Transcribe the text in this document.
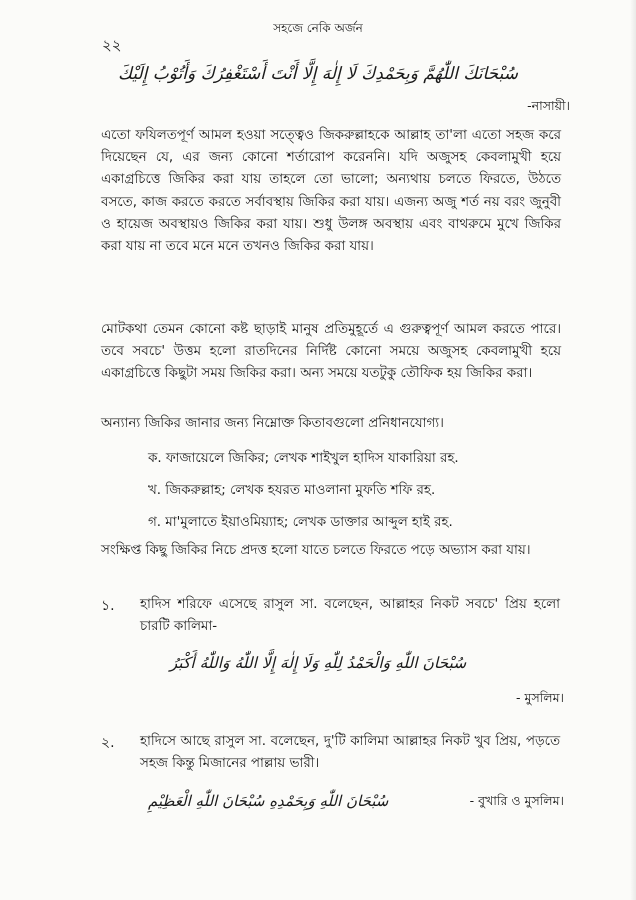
সহজে নেকি অর্জন
২২
سُبْحَانَكَ اللّٰهُمَّ وَبِحَمْدِكَ لَا إِلٰهَ إِلَّا أَنْتَ أَسْتَغْفِرُكَ وَأَتُوْبُ إِلَيْكَ
-নাসায়ী।
এতো ফযিলতপূর্ণ আমল হওয়া সত্ত্বেও জিকরুল্লাহকে আল্লাহ তা'লা এতো সহজ করে দিয়েছেন যে, এর জন্য কোনো শর্তারোপ করেননি। যদি অজুসহ কেবলামুখী হয়ে একাগ্রচিত্তে জিকির করা যায় তাহলে তো ভালো; অন্যথায় চলতে ফিরতে, উঠতে বসতে, কাজ করতে করতে সর্বাবস্থায় জিকির করা যায়। এজন্য অজু শর্ত নয় বরং জুনুবী ও হায়েজ অবস্থায়ও জিকির করা যায়। শুধু উলঙ্গ অবস্থায় এবং বাথরুমে মুখে জিকির করা যায় না তবে মনে মনে তখনও জিকির করা যায়।
মোটকথা তেমন কোনো কষ্ট ছাড়াই মানুষ প্রতিমুহূর্তে এ গুরুত্বপূর্ণ আমল করতে পারে। তবে সবচে' উত্তম হলো রাতদিনের নির্দিষ্ট কোনো সময়ে অজুসহ কেবলামুখী হয়ে একাগ্রচিত্তে কিছুটা সময় জিকির করা। অন্য সময়ে যতটুকু তৌফিক হয় জিকির করা।
অন্যান্য জিকির জানার জন্য নিম্নোক্ত কিতাবগুলো প্রনিধানযোগ্য।
ক. ফাজায়েলে জিকির; লেখক শাইখুল হাদিস যাকারিয়া রহ.
খ. জিকরুল্লাহ; লেখক হযরত মাওলানা মুফতি শফি রহ.
গ. মা'মুলাতে ইয়াওমিয়্যাহ; লেখক ডাক্তার আব্দুল হাই রহ.
সংক্ষিপ্ত কিছু জিকির নিচে প্রদত্ত হলো যাতে চলতে ফিরতে পড়ে অভ্যাস করা যায়।
১. হাদিস শরিফে এসেছে রাসুল সা. বলেছেন, আল্লাহর নিকট সবচে' প্রিয় হলো চারটি কালিমা-
سُبْحَانَ اللّٰهِ وَالْحَمْدُ لِلّٰهِ وَلَا إِلٰهَ إِلَّا اللّٰهُ وَاللّٰهُ أَكْبَرُ
- মুসলিম।
২. হাদিসে আছে রাসুল সা. বলেছেন, দু'টি কালিমা আল্লাহর নিকট খুব প্রিয়, পড়তে সহজ কিন্তু মিজানের পাল্লায় ভারী।
سُبْحَانَ اللّٰهِ وَبِحَمْدِهِ سُبْحَانَ اللّٰهِ الْعَظِيْمِ	- বুখারি ও মুসলিম।
